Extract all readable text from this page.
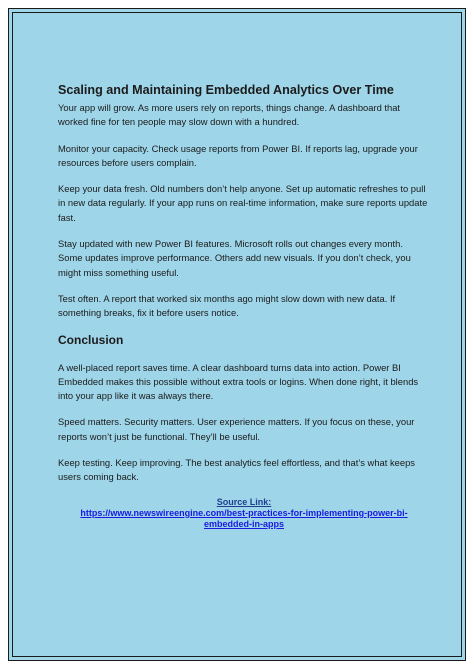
Scaling and Maintaining Embedded Analytics Over Time

Your app will grow. As more users rely on reports, things change. A dashboard that worked fine for ten people may slow down with a hundred.

Monitor your capacity. Check usage reports from Power BI. If reports lag, upgrade your resources before users complain.

Keep your data fresh. Old numbers don’t help anyone. Set up automatic refreshes to pull in new data regularly. If your app runs on real-time information, make sure reports update fast.

Stay updated with new Power BI features. Microsoft rolls out changes every month. Some updates improve performance. Others add new visuals. If you don’t check, you might miss something useful.

Test often. A report that worked six months ago might slow down with new data. If something breaks, fix it before users notice.

Conclusion

A well-placed report saves time. A clear dashboard turns data into action. Power BI Embedded makes this possible without extra tools or logins. When done right, it blends into your app like it was always there.

Speed matters. Security matters. User experience matters. If you focus on these, your reports won’t just be functional. They’ll be useful.

Keep testing. Keep improving. The best analytics feel effortless, and that’s what keeps users coming back.

Source Link:
https://www.newswireengine.com/best-practices-for-implementing-power-bi-embedded-in-apps
